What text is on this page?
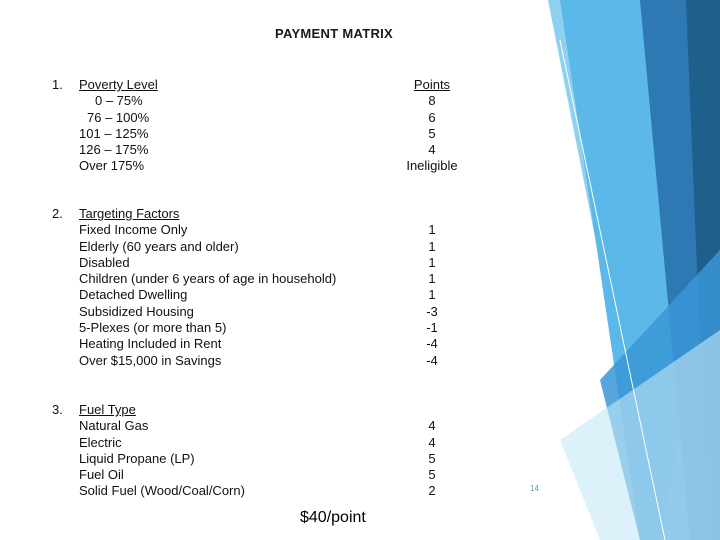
PAYMENT MATRIX
1. Poverty Level	Points
0 – 75%	8
76 – 100%	6
101 – 125%	5
126 – 175%	4
Over 175%	Ineligible
2. Targeting Factors
Fixed Income Only	1
Elderly (60 years and older)	1
Disabled	1
Children (under 6 years of age in household)	1
Detached Dwelling	1
Subsidized Housing	-3
5-Plexes (or more than 5)	-1
Heating Included in Rent	-4
Over $15,000 in Savings	-4
3. Fuel Type
Natural Gas	4
Electric	4
Liquid Propane (LP)	5
Fuel Oil	5
Solid Fuel (Wood/Coal/Corn)	2	14
$40/point
